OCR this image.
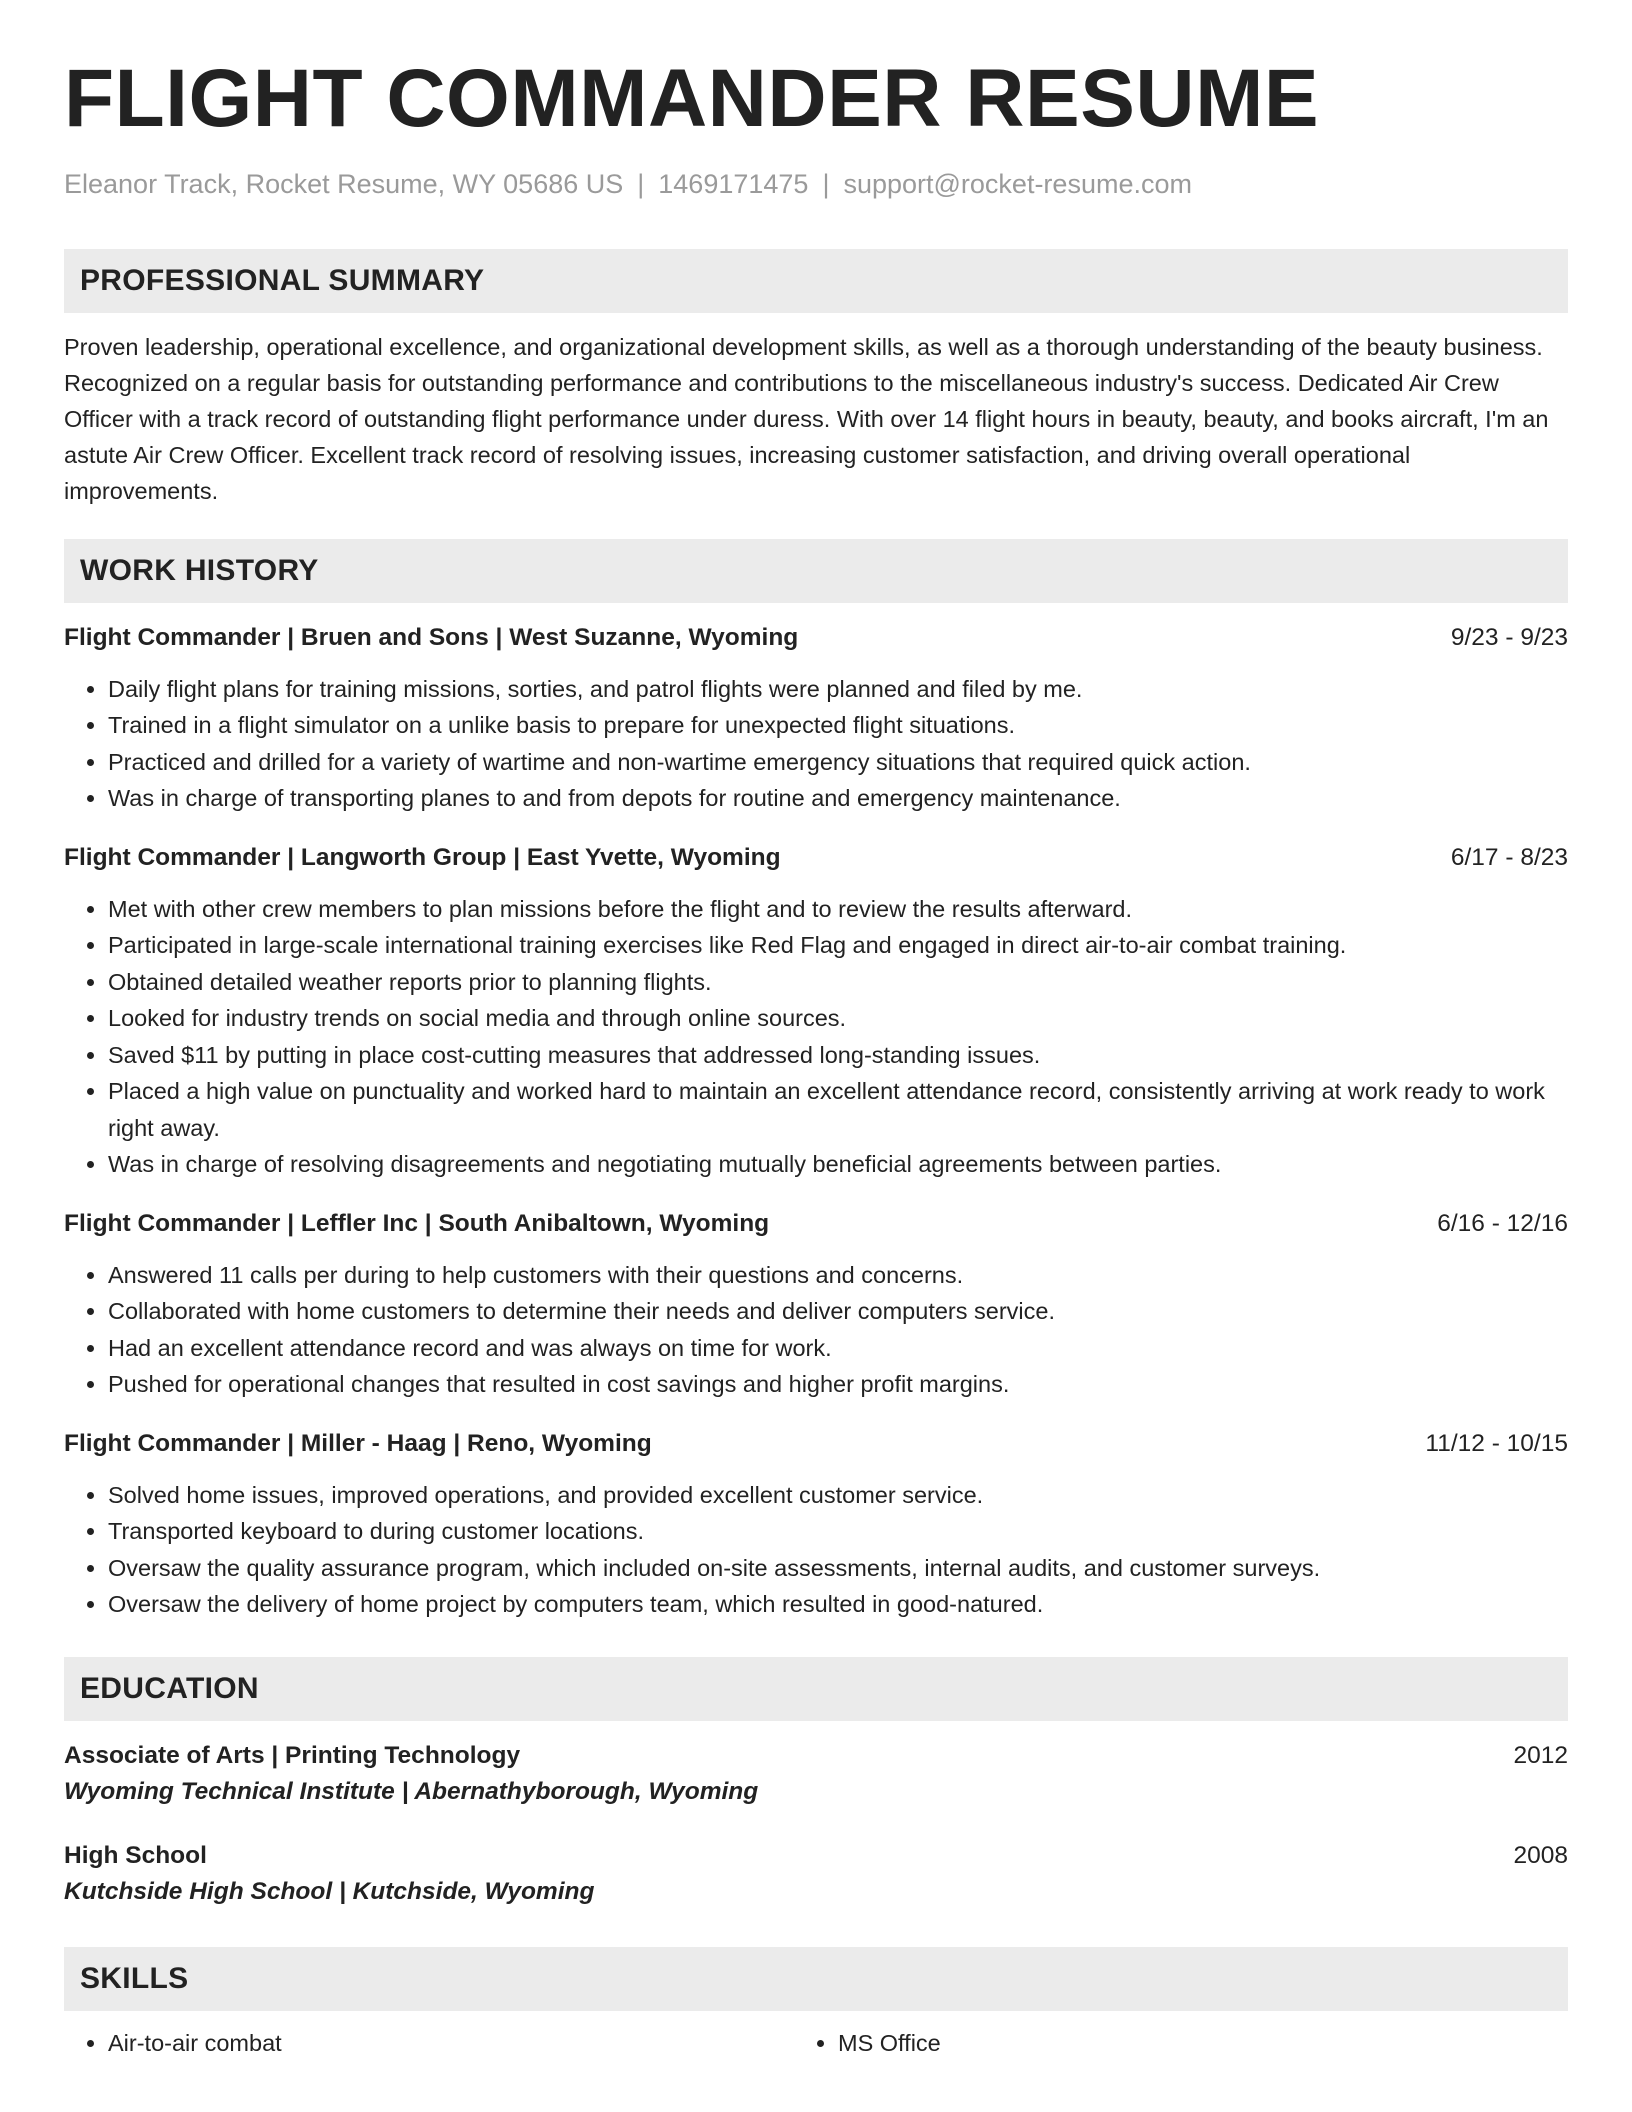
FLIGHT COMMANDER RESUME
Eleanor Track, Rocket Resume, WY 05686 US | 1469171475 | support@rocket-resume.com
PROFESSIONAL SUMMARY

Proven leadership, operational excellence, and organizational development skills, as well as a thorough understanding of the beauty business. Recognized on a regular basis for outstanding performance and contributions to the miscellaneous industry's success. Dedicated Air Crew Officer with a track record of outstanding flight performance under duress. With over 14 flight hours in beauty, beauty, and books aircraft, I'm an astute Air Crew Officer. Excellent track record of resolving issues, increasing customer satisfaction, and driving overall operational improvements.

WORK HISTORY
Flight Commander | Bruen and Sons | West Suzanne, Wyoming	9/23 - 9/23
• Daily flight plans for training missions, sorties, and patrol flights were planned and filed by me.
• Trained in a flight simulator on a unlike basis to prepare for unexpected flight situations.
• Practiced and drilled for a variety of wartime and non-wartime emergency situations that required quick action.
• Was in charge of transporting planes to and from depots for routine and emergency maintenance.
Flight Commander | Langworth Group | East Yvette, Wyoming	6/17 - 8/23
• Met with other crew members to plan missions before the flight and to review the results afterward.
• Participated in large-scale international training exercises like Red Flag and engaged in direct air-to-air combat training.
• Obtained detailed weather reports prior to planning flights.
• Looked for industry trends on social media and through online sources.
• Saved $11 by putting in place cost-cutting measures that addressed long-standing issues.
• Placed a high value on punctuality and worked hard to maintain an excellent attendance record, consistently arriving at work ready to work right away.
• Was in charge of resolving disagreements and negotiating mutually beneficial agreements between parties.
Flight Commander | Leffler Inc | South Anibaltown, Wyoming	6/16 - 12/16
• Answered 11 calls per during to help customers with their questions and concerns.
• Collaborated with home customers to determine their needs and deliver computers service.
• Had an excellent attendance record and was always on time for work.
• Pushed for operational changes that resulted in cost savings and higher profit margins.
Flight Commander | Miller - Haag | Reno, Wyoming	11/12 - 10/15
• Solved home issues, improved operations, and provided excellent customer service.
• Transported keyboard to during customer locations.
• Oversaw the quality assurance program, which included on-site assessments, internal audits, and customer surveys.
• Oversaw the delivery of home project by computers team, which resulted in good-natured.
EDUCATION
Associate of Arts | Printing Technology	2012
Wyoming Technical Institute | Abernathyborough, Wyoming
High School	2008
Kutchside High School | Kutchside, Wyoming
SKILLS
• Air-to-air combat
•	MS Office
